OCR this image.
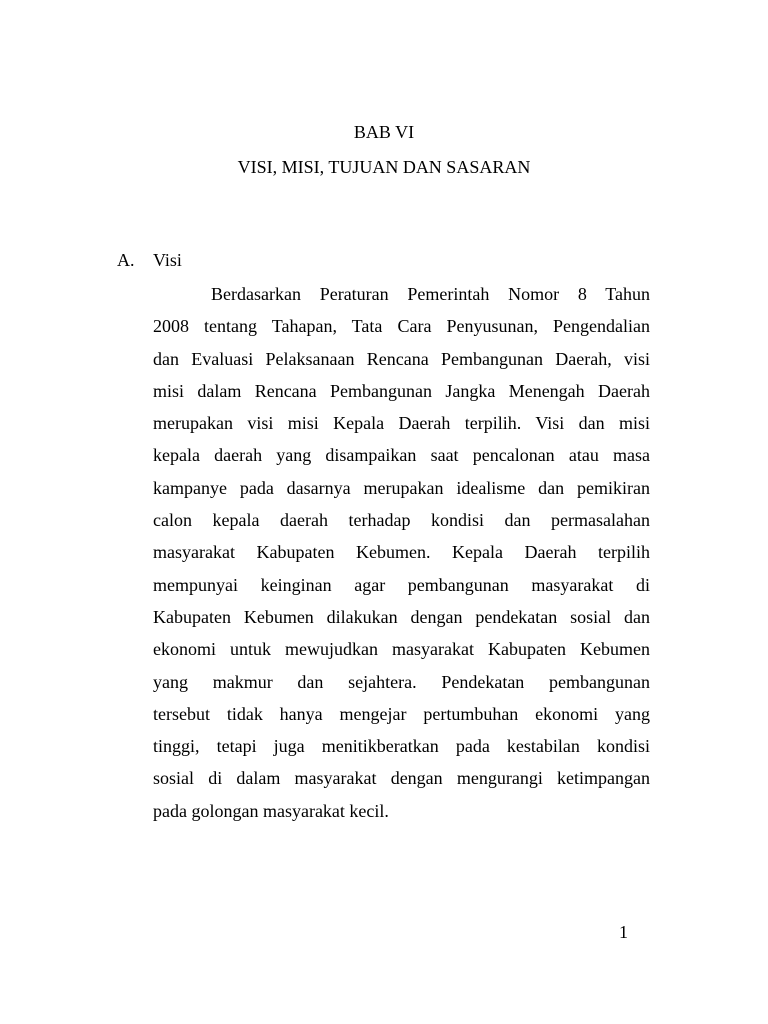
BAB VI
VISI, MISI, TUJUAN DAN SASARAN
A. Visi
Berdasarkan Peraturan Pemerintah Nomor 8 Tahun
2008 tentang Tahapan, Tata Cara Penyusunan, Pengendalian
dan Evaluasi Pelaksanaan Rencana Pembangunan Daerah, visi
misi dalam Rencana Pembangunan Jangka Menengah Daerah
merupakan visi misi Kepala Daerah terpilih. Visi dan misi
kepala daerah yang disampaikan saat pencalonan atau masa
kampanye pada dasarnya merupakan idealisme dan pemikiran
calon kepala daerah terhadap kondisi dan permasalahan
masyarakat Kabupaten Kebumen. Kepala Daerah terpilih
mempunyai keinginan agar pembangunan masyarakat di
Kabupaten Kebumen dilakukan dengan pendekatan sosial dan
ekonomi untuk mewujudkan masyarakat Kabupaten Kebumen
yang makmur dan sejahtera. Pendekatan pembangunan
tersebut tidak hanya mengejar pertumbuhan ekonomi yang
tinggi, tetapi juga menitikberatkan pada kestabilan kondisi
sosial di dalam masyarakat dengan mengurangi ketimpangan
pada golongan masyarakat kecil.
1
